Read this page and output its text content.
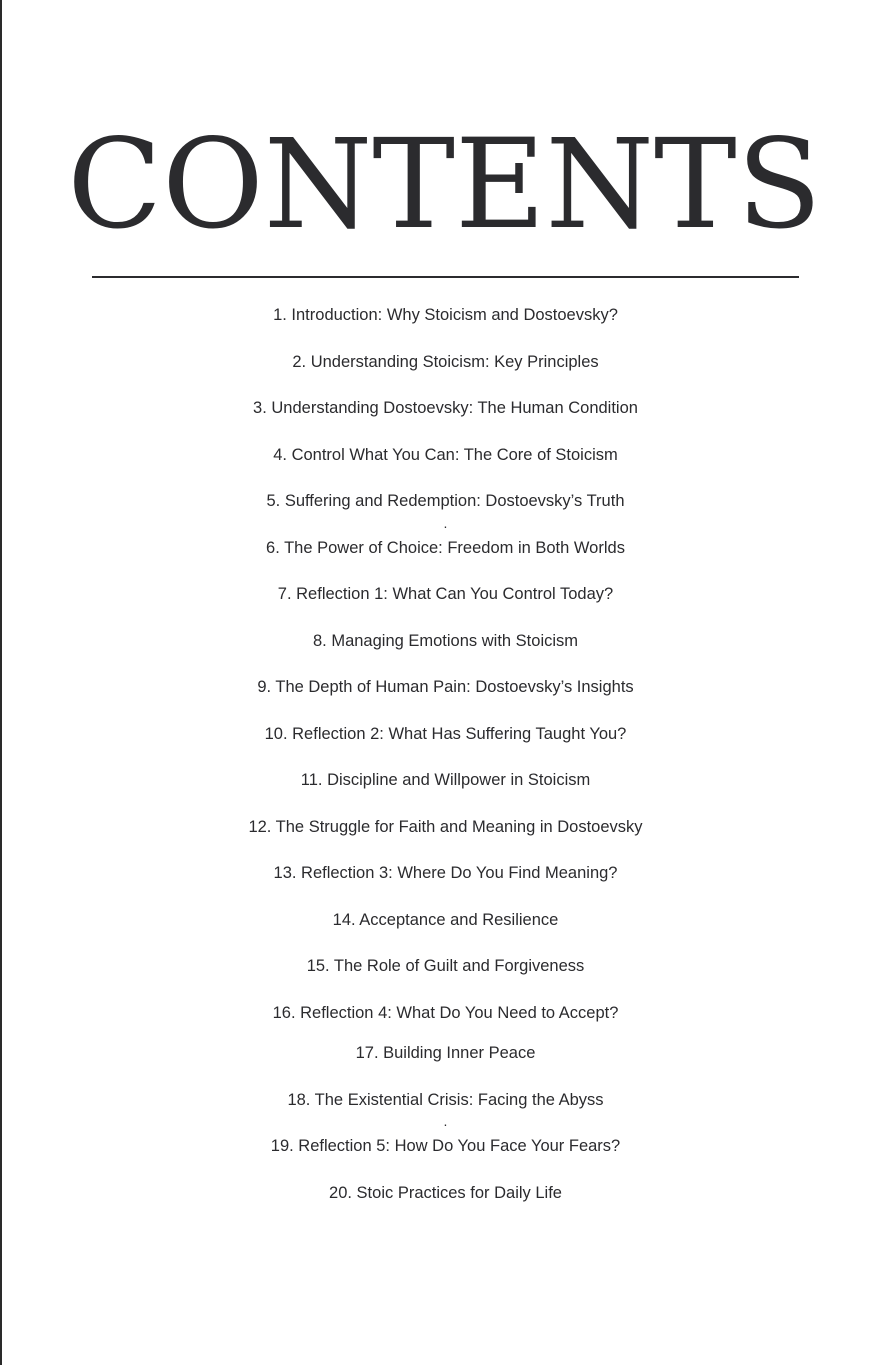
CONTENTS
1. Introduction: Why Stoicism and Dostoevsky?
2. Understanding Stoicism: Key Principles
3. Understanding Dostoevsky: The Human Condition
4. Control What You Can: The Core of Stoicism
5. Suffering and Redemption: Dostoevsky’s Truth
.
6. The Power of Choice: Freedom in Both Worlds
7. Reflection 1: What Can You Control Today?
8. Managing Emotions with Stoicism
9. The Depth of Human Pain: Dostoevsky’s Insights
10. Reflection 2: What Has Suffering Taught You?
11. Discipline and Willpower in Stoicism
12. The Struggle for Faith and Meaning in Dostoevsky
13. Reflection 3: Where Do You Find Meaning?
14. Acceptance and Resilience
15. The Role of Guilt and Forgiveness
16. Reflection 4: What Do You Need to Accept?
17. Building Inner Peace
18. The Existential Crisis: Facing the Abyss
.
19. Reflection 5: How Do You Face Your Fears?
20. Stoic Practices for Daily Life
